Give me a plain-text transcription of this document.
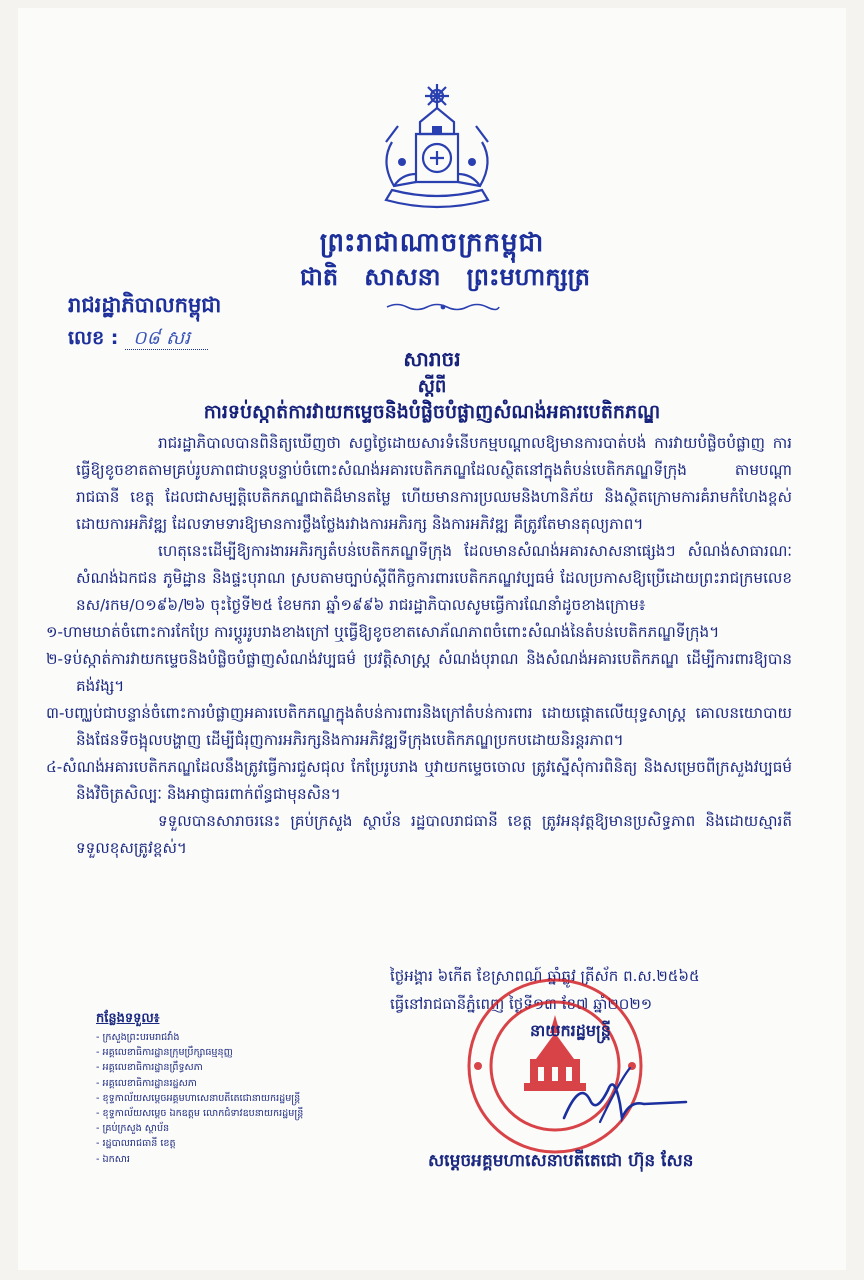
ព្រះរាជាណាចក្រកម្ពុជា
ជាតិ សាសនា ព្រះមហាក្សត្រ
រាជរដ្ឋាភិបាលកម្ពុជា
លេខ : ០៨ សរ
សារាចរ
ស្តីពី
ការទប់ស្កាត់ការវាយកម្ទេចនិងបំផ្លិចបំផ្លាញសំណង់អគារបេតិកភណ្ឌ

រាជរដ្ឋាភិបាលបានពិនិត្យឃើញថា សព្វថ្ងៃដោយសារទំនើបកម្មបណ្តាលឱ្យមានការបាត់បង់ ការវាយបំផ្លិចបំផ្លាញ ការធ្វើឱ្យខូចខាតតាមគ្រប់រូបភាពជាបន្តបន្ទាប់ចំពោះសំណង់អគារបេតិកភណ្ឌដែលស្ថិតនៅក្នុងតំបន់បេតិកភណ្ឌទីក្រុង តាមបណ្តារាជធានី ខេត្ត ដែលជាសម្បត្តិបេតិកភណ្ឌជាតិដ៏មានតម្លៃ ហើយមានការប្រឈមនិងហានិភ័យ និងស្ថិតក្រោមការគំរាមកំហែងខ្ពស់ដោយការអភិវឌ្ឍ ដែលទាមទារឱ្យមានការថ្លឹងថ្លែងរវាងការអភិរក្ស និងការអភិវឌ្ឍ គឺត្រូវតែមានតុល្យភាព។

ហេតុនេះដើម្បីឱ្យការងារអភិរក្សតំបន់បេតិកភណ្ឌទីក្រុង ដែលមានសំណង់អគារសាសនាផ្សេងៗ សំណង់សាធារណៈ សំណង់ឯកជន ភូមិដ្ឋាន និងផ្ទះបុរាណ ស្របតាមច្បាប់ស្តីពីកិច្ចការពារបេតិកភណ្ឌវប្បធម៌ ដែលប្រកាសឱ្យប្រើដោយព្រះរាជក្រមលេខ នស/រកម/០១៩៦/២៦ ចុះថ្ងៃទី២៥ ខែមករា ឆ្នាំ១៩៩៦ រាជរដ្ឋាភិបាលសូមធ្វើការណែនាំដូចខាងក្រោម៖

១-ហាមឃាត់ចំពោះការកែប្រែ ការប្តូររូបរាងខាងក្រៅ ឬធ្វើឱ្យខូចខាតសោភ័ណភាពចំពោះសំណង់នៃតំបន់បេតិកភណ្ឌទីក្រុង។

២-ទប់ស្កាត់ការវាយកម្ទេចនិងបំផ្លិចបំផ្លាញសំណង់វប្បធម៌ ប្រវត្តិសាស្ត្រ សំណង់បុរាណ និងសំណង់អគារបេតិកភណ្ឌ ដើម្បីការពារឱ្យបានគង់វង្ស។

៣-បញ្ឈប់ជាបន្ទាន់ចំពោះការបំផ្លាញអគារបេតិកភណ្ឌក្នុងតំបន់ការពារនិងក្រៅតំបន់ការពារ ដោយផ្តោតលើយុទ្ធសាស្ត្រ គោលនយោបាយ និងផែនទីចង្អុលបង្ហាញ ដើម្បីជំរុញការអភិរក្សនិងការអភិវឌ្ឍទីក្រុងបេតិកភណ្ឌប្រកបដោយនិរន្តរភាព។

៤-សំណង់អគារបេតិកភណ្ឌដែលនឹងត្រូវធ្វើការជួសជុល កែប្រែរូបរាង ឬវាយកម្ទេចចោល ត្រូវស្នើសុំការពិនិត្យ និងសម្រេចពីក្រសួងវប្បធម៌និងវិចិត្រសិល្បៈ និងអាជ្ញាធរពាក់ព័ន្ធជាមុនសិន។

ទទួលបានសារាចរនេះ គ្រប់ក្រសួង ស្ថាប័ន រដ្ឋបាលរាជធានី ខេត្ត ត្រូវអនុវត្តឱ្យមានប្រសិទ្ធភាព និងដោយស្មារតីទទួលខុសត្រូវខ្ពស់។

ថ្ងៃអង្គារ ៦កើត ខែស្រាពណ៍ ឆ្នាំឆ្លូវ ត្រីស័ក ព.ស.២៥៦៥
ធ្វើនៅរាជធានីភ្នំពេញ ថ្ងៃទី១៣ ខែ៧ ឆ្នាំ២០២១
នាយករដ្ឋមន្ត្រី
សម្តេចអគ្គមហាសេនាបតីតេជោ ហ៊ុន សែន
កន្លែងទទួល៖
- ក្រសួងព្រះបរមរាជវាំង
- អគ្គលេខាធិការដ្ឋានក្រុមប្រឹក្សាធម្មនុញ្ញ
- អគ្គលេខាធិការដ្ឋានព្រឹទ្ធសភា
- អគ្គលេខាធិការដ្ឋានរដ្ឋសភា
- ខុទ្ទកាល័យសម្តេចអគ្គមហាសេនាបតីតេជោនាយករដ្ឋមន្ត្រី
- ខុទ្ទកាល័យសម្តេច ឯកឧត្តម លោកជំទាវឧបនាយករដ្ឋមន្ត្រី
- គ្រប់ក្រសួង ស្ថាប័ន
- រដ្ឋបាលរាជធានី ខេត្ត
- ឯកសារ
